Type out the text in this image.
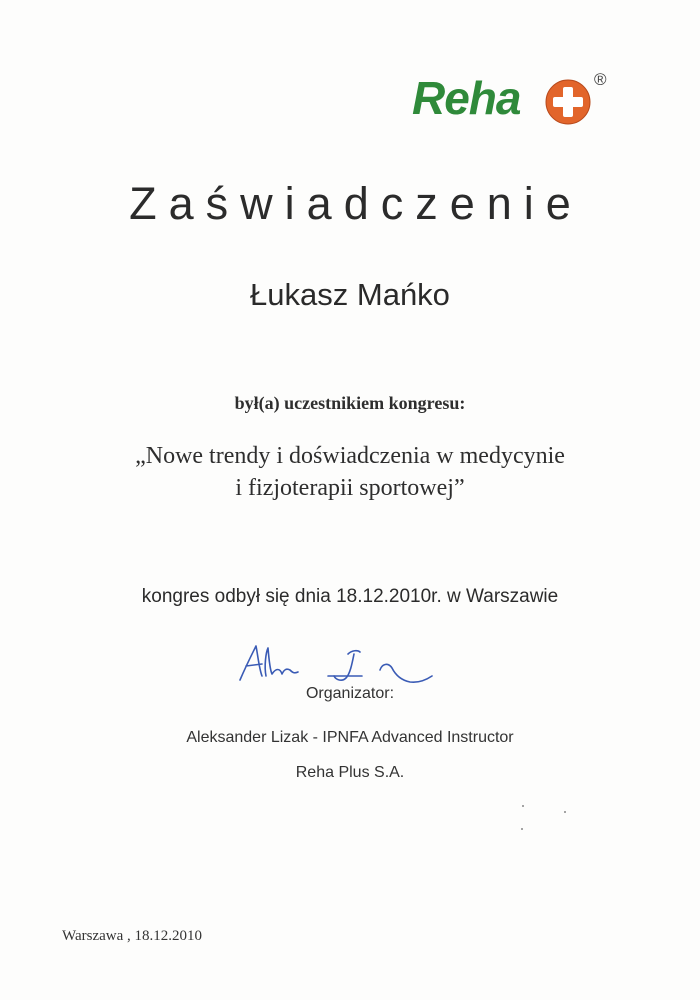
Reha	®
Zaświadczenie
Łukasz Mańko
był(a) uczestnikiem kongresu:
„Nowe trendy i doświadczenia w medycynie
i fizjoterapii sportowej”
kongres odbył się dnia 18.12.2010r. w Warszawie
Organizator:
Aleksander Lizak - IPNFA Advanced Instructor
Reha Plus S.A.
Warszawa , 18.12.2010
